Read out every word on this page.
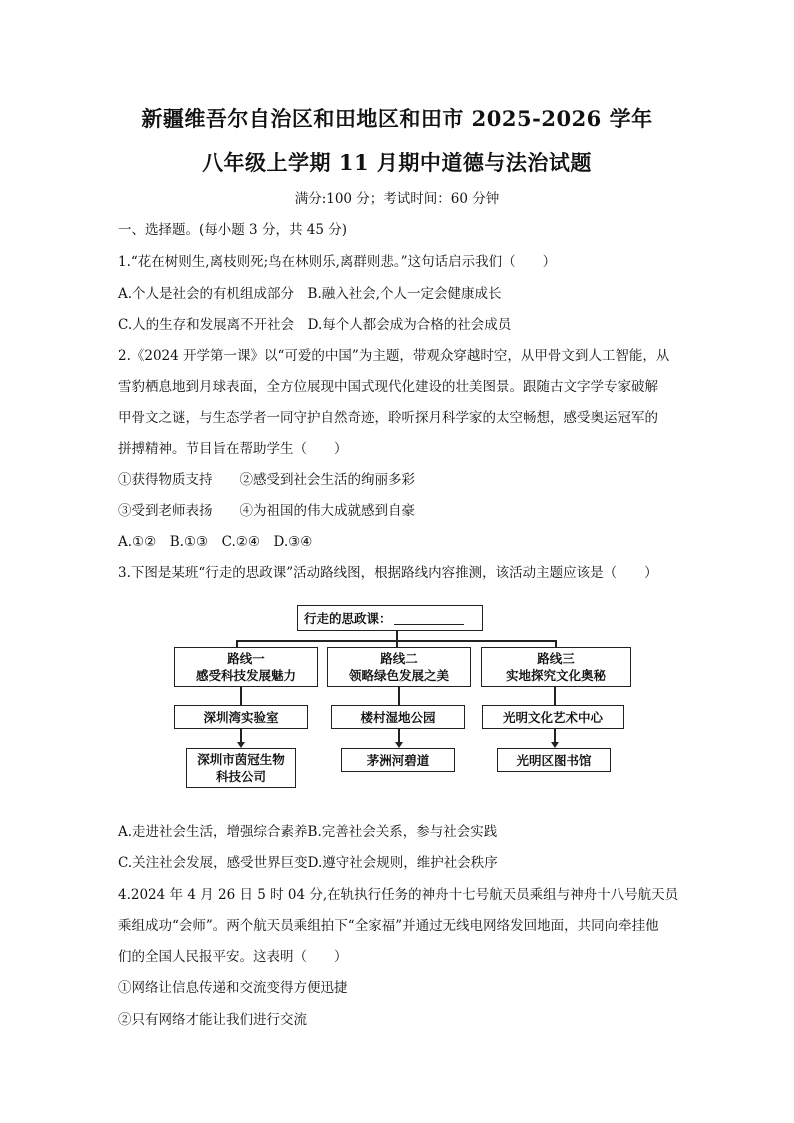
新疆维吾尔自治区和田地区和田市 2025-2026 学年
八年级上学期 11 月期中道德与法治试题
满分:100 分；考试时间：60 分钟
一、选择题。(每小题 3 分，共 45 分)
1.“花在树则生,离枝则死;鸟在林则乐,离群则悲。”这句话启示我们（　　）
A.个人是社会的有机组成部分　B.融入社会,个人一定会健康成长
C.人的生存和发展离不开社会　D.每个人都会成为合格的社会成员
2.《2024 开学第一课》以“可爱的中国”为主题，带观众穿越时空，从甲骨文到人工智能，从
雪豹栖息地到月球表面，全方位展现中国式现代化建设的壮美图景。跟随古文字学专家破解
甲骨文之谜，与生态学者一同守护自然奇迹，聆听探月科学家的太空畅想，感受奥运冠军的
拼搏精神。节目旨在帮助学生（　　）
①获得物质支持　　②感受到社会生活的绚丽多彩
③受到老师表扬　　④为祖国的伟大成就感到自豪
A.①②　B.①③　C.②④　D.③④
3.下图是某班“行走的思政课”活动路线图，根据路线内容推测，该活动主题应该是（　　）
行走的思政课：
路线一
感受科技发展魅力
路线二
领略绿色发展之美
路线三
实地探究文化奥秘
深圳湾实验室	楼村湿地公园	光明文化艺术中心
深圳市茵冠生物
科技公司
茅洲河碧道	光明区图书馆
A.走进社会生活，增强综合素养B.完善社会关系，参与社会实践
C.关注社会发展，感受世界巨变D.遵守社会规则，维护社会秩序
4.2024 年 4 月 26 日 5 时 04 分,在轨执行任务的神舟十七号航天员乘组与神舟十八号航天员
乘组成功“会师”。两个航天员乘组拍下“全家福”并通过无线电网络发回地面，共同向牵挂他
们的全国人民报平安。这表明（　　）
①网络让信息传递和交流变得方便迅捷
②只有网络才能让我们进行交流
